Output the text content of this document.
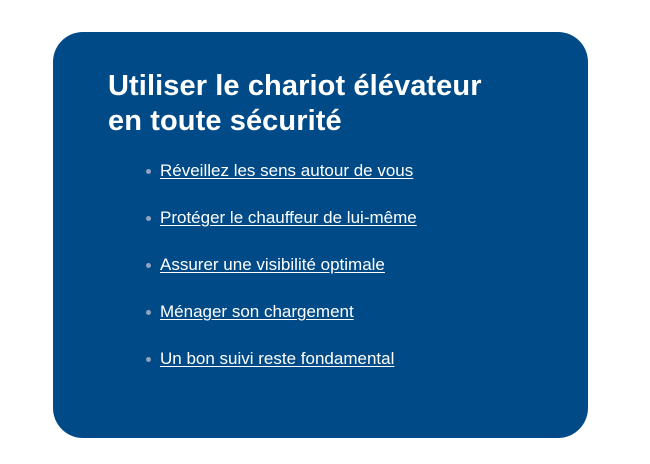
Utiliser le chariot élévateur
en toute sécurité
Réveillez les sens autour de vous
Protéger le chauffeur de lui-même
Assurer une visibilité optimale
Ménager son chargement
Un bon suivi reste fondamental
